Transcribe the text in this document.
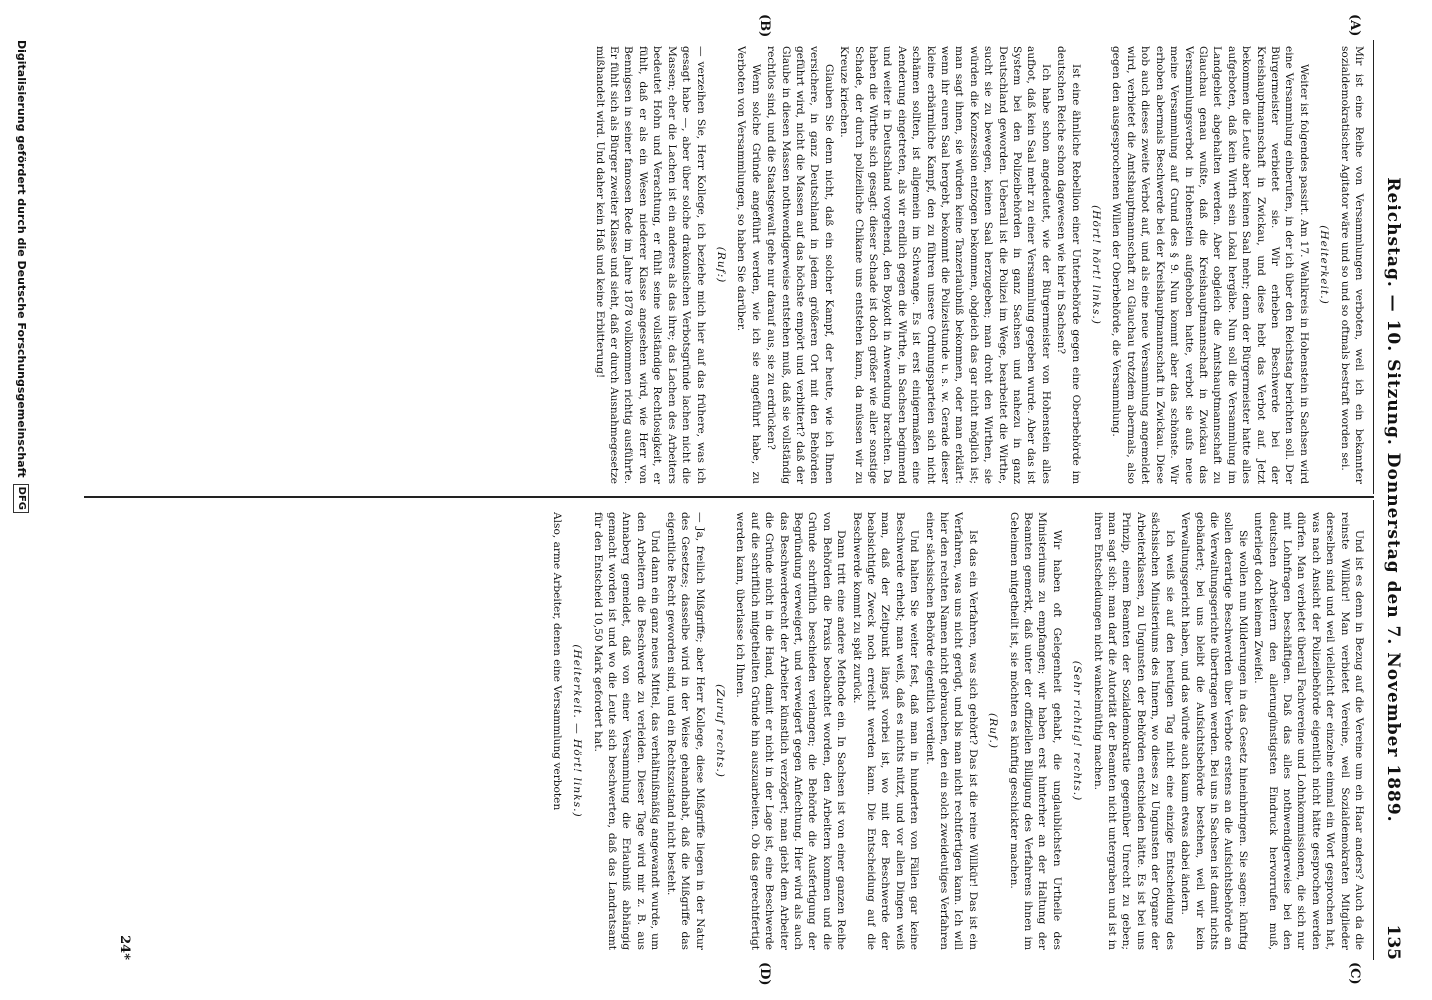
Reichstag. — 10. Sitzung. Donnerstag den 7. November 1889.
135
(A)
(B)
(C)
(D)

Mir ist eine Reihe von Versammlungen verboten, weil ich ein bekannter sozialdemokratischer Agitator wäre und so und so oftmals bestraft worden sei.

(Heiterkeit.)

Weiter ist folgendes passirt. Am 17. Wahlkreis in Hohenstein in Sachsen wird eine Versammlung einberufen, in der ich über den Reichstag berichten soll. Der Bürgermeister verbietet sie. Wir erheben Beschwerde bei der Kreishauptmannschaft in Zwickau, und diese hebt das Verbot auf. Jetzt bekommen die Leute aber keinen Saal mehr; denn der Bürgermeister hatte alles aufgeboten, daß kein Wirth sein Lokal hergäbe. Nun soll die Versammlung im Landgebiet abgehalten werden. Aber obgleich die Amtshauptmannschaft zu Glauchau genau wußte, daß die Kreishauptmannschaft in Zwickau das Versammlungsverbot in Hohenstein aufgehoben hatte, verbot sie aufs neue meine Versammlung auf Grund des § 9. Nun kommt aber das schönste. Wir erhoben abermals Beschwerde bei der Kreishauptmannschaft in Zwickau. Diese hob auch dieses zweite Verbot auf, und als eine neue Versammlung angemeldet wird, verbietet die Amtshauptmannschaft zu Glauchau trotzdem abermals, also gegen den ausgesprochenen Willen der Oberbehörde, die Versammlung.

(Hört! hört! links.)

Ist eine ähnliche Rebellion einer Unterbehörde gegen eine Oberbehörde im deutschen Reiche schon dagewesen wie hier in Sachsen?

Ich habe schon angedeutet, wie der Bürgermeister von Hohenstein alles aufbot, daß kein Saal mehr zu einer Versammlung gegeben wurde. Aber das ist System bei den Polizeibehörden in ganz Sachsen und nahezu in ganz Deutschland geworden. Ueberall ist die Polizei im Wege, bearbeitet die Wirthe, sucht sie zu bewegen, keinen Saal herzugeben; man droht den Wirthen, sie würden die Konzession entzogen bekommen, obgleich das gar nicht möglich ist; man sagt ihnen, sie würden keine Tanzerlaubniß bekommen, oder man erklärt: wenn ihr euren Saal hergebt, bekommt die Polizeistunde u. s. w. Gerade dieser kleine erbärmliche Kampf, den zu führen unsere Ordnungsparteien sich nicht schämen sollten, ist allgemein im Schwange. Es ist erst einigermaßen eine Aenderung eingetreten, als wir endlich gegen die Wirthe, in Sachsen beginnend und weiter in Deutschland vorgehend, den Boykott in Anwendung brachten. Da haben die Wirthe sich gesagt: dieser Schade ist doch größer wie aller sonstige Schade, der durch polizeiliche Chikane uns entstehen kann, da müssen wir zu Kreuze kriechen.

Glauben Sie denn nicht, daß ein solcher Kampf, der heute, wie ich Ihnen versichere, in ganz Deutschland in jedem größeren Ort mit den Behörden geführt wird, nicht die Massen auf das höchste empört und verbittert? daß der Glaube in diesen Massen nothwendigerweise entstehen muß, daß sie vollständig rechtlos sind, und die Staatsgewalt gehe nur darauf aus, sie zu erdrücken?

Wenn solche Gründe angeführt werden, wie ich sie angeführt habe, zu Verboten von Versammlungen, so haben Sie darüber.

(Ruf:)

— verzeihen Sie, Herr Kollege, ich beziehe mich hier auf das frühere, was ich gesagt habe —, aber über solche drakonischen Verbotsgründe lachen nicht die Massen; eher die Lachen ist ein anderes als das ihre; das Lachen des Arbeiters bedeutet Hohn und Verachtung, er fühlt seine vollständige Rechtlosigkeit, er fühlt, daß er als ein Wesen niederer Klasse angesehen wird, wie Herr von Bennigsen in seiner famosen Rede im Jahre 1878 vollkommen richtig ausführte. Er fühlt sich als Bürger zweiter Klasse und sieht, daß er durch Ausnahmegesetze mißhandelt wird. Und daher kein Haß und keine Erbitterung!

Und ist es denn in Bezug auf die Vereine um ein Haar anders? Auch da die reinste Willkür! Man verbietet Vereine, weil Sozialdemokraten Mitglieder derselben sind und weil vielleicht der einzelne einmal ein Wort gesprochen hat, was nach Ansicht der Polizeibehörde eigentlich nicht hätte gesprochen werden dürfen. Man verbietet überall Fachvereine und Lohnkommissionen, die sich nur mit Lohnfragen beschäftigen. Daß das alles nothwendigerweise bei den deutschen Arbeitern den allerungünstigsten Eindruck hervorrufen muß, unterliegt doch keinem Zweifel.

Sie wollen nun Milderungen in das Gesetz hineinbringen. Sie sagen: künftig sollen derartige Beschwerden über Verbote erstens an die Aufsichtsbehörde an die Verwaltungsgerichte übertragen werden. Bei uns in Sachsen ist damit nichts gebändert; bei uns bleibt die Aufsichtsbehörde bestehen, weil wir kein Verwaltungsgericht haben, und das würde auch kaum etwas dabei ändern.

Ich weiß sie auf den heutigen Tag nicht eine einzige Entscheidung des sächsischen Ministeriums des Innern, wo dieses zu Ungunsten der Organe der Arbeiterklassen, zu Ungunsten der Behörden entschieden hätte. Es ist bei uns Prinzip, einem Beamten der Sozialdemokratie gegenüber Unrecht zu geben; man sagt sich: man darf die Autorität der Beamten nicht untergraben und ist in ihren Entscheidungen nicht wankelmüthig machen.

(Sehr richtig! rechts.)

Wir haben oft Gelegenheit gehabt, die unglaublichsten Urtheile des Ministeriums zu empfangen; wir haben erst hinterher an der Haltung der Beamten gemerkt, daß unter der offiziellen Billigung des Verfahrens ihnen im Geheimen mitgetheilt ist, sie möchten es künftig geschickter machen.

(Ruf.)

Ist das ein Verfahren, was sich gehört? Das ist die reine Willkür! Das ist ein Verfahren, was uns nicht gerügt, und bis man nicht rechtfertigen kann. Ich will hier den rechten Namen nicht gebrauchen, den ein solch zweideutiges Verfahren einer sächsischen Behörde eigentlich verdient.

Und halten Sie weiter fest, daß man in hunderten von Fällen gar keine Beschwerde erhebt; man weiß, daß es nichts nützt, und vor allen Dingen weiß man, daß der Zeitpunkt längst vorbei ist, wo mit der Beschwerde der beabsichtigte Zweck noch erreicht werden kann. Die Entscheidung auf die Beschwerde kommt zu spät zurück.

Dann tritt eine andere Methode ein. In Sachsen ist von einer ganzen Reihe von Behörden die Praxis beobachtet worden, den Arbeitern kommen und die Gründe schriftlich beschieden verlangen; die Behörde die Ausfertigung der Begründung verweigert, und verweigert gegen Anfechtung. Hier wird als auch das Beschwerderecht der Arbeiter künstlich verzögert; man giebt dem Arbeiter die Gründe nicht in die Hand, damit er nicht in der Lage ist, eine Beschwerde auf die schriftlich mitgetheilten Gründe hin auszuarbeiten. Ob das gerechtfertigt werden kann, überlasse ich Ihnen.

(Zuruf rechts.)

— Ja, freilich Mißgriffe; aber Herr Kollege, diese Mißgriffe liegen in der Natur des Gesetzes; dasselbe wird in der Weise gehandhabt, daß die Mißgriffe das eigentliche Recht geworden sind, und ein Rechtszustand nicht besteht.

Und dann ein ganz neues Mittel, das verhältnißmäßig angewandt wurde, um den Arbeitern die Beschwerde zu verleiden. Dieser Tage wird mir z. B. aus Annaberg gemeldet, daß von einer Versammlung die Erlaubniß abhängig gemacht worden ist und wo die Leute sich beschwerten, daß das Landratsamt für den Entscheid 10,50 Mark gefordert hat.

(Heiterkeit. — Hört! links.)

Also, arme Arbeiter, denen eine Versammlung verboten

24*
Digitalisierung gefördert durch die Deutsche Forschungsgemeinschaft
DFG
